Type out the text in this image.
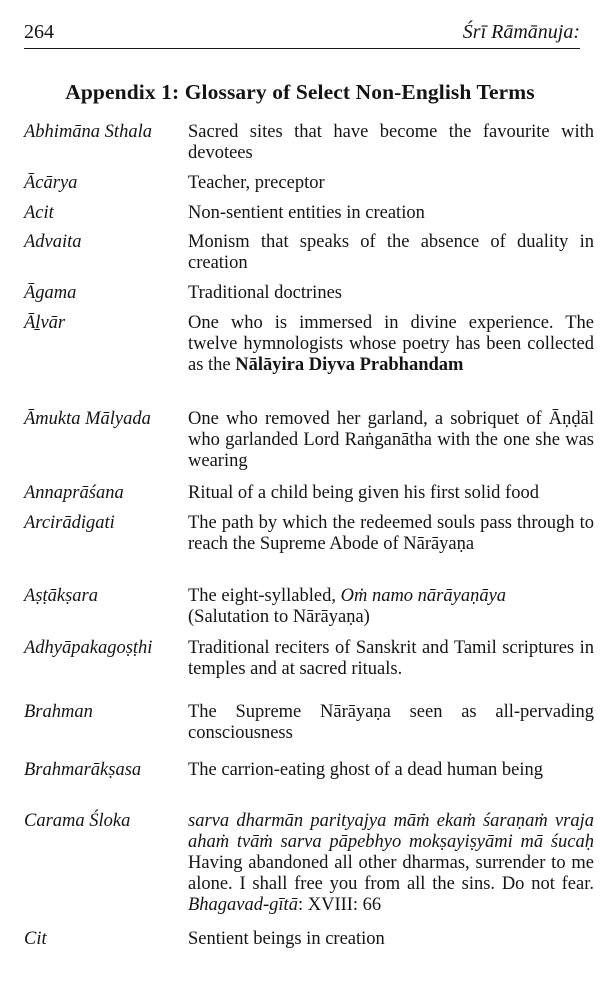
264	Śrī Rāmānuja:
Appendix 1: Glossary of Select Non-English Terms
Abhimāna Sthala	Sacred sites that have become the favourite with devotees
Ācārya	Teacher, preceptor
Acit	Non-sentient entities in creation
Advaita	Monism that speaks of the absence of duality in creation
Āgama	Traditional doctrines
Āḻvār	One who is immersed in divine experience. The twelve hymnologists whose poetry has been collected as the Nālāyira Diyva Prabhandam
Āmukta Mālyada	One who removed her garland, a sobriquet of Āṇḍāl who garlanded Lord Raṅganātha with the one she was wearing
Annaprāśana	Ritual of a child being given his first solid food
Arcirādigati	The path by which the redeemed souls pass through to reach the Supreme Abode of Nārāyaṇa
Aṣṭākṣara	The eight-syllabled, Oṁ namo nārāyaṇāya
(Salutation to Nārāyaṇa)
Adhyāpakagoṣṭhi	Traditional reciters of Sanskrit and Tamil scriptures in temples and at sacred rituals.
Brahman	The Supreme Nārāyaṇa seen as all-pervading consciousness
Brahmarākṣasa	The carrion-eating ghost of a dead human being
Carama Śloka	sarva dharmān parityajya māṁ ekaṁ śaraṇaṁ vraja ahaṁ tvāṁ sarva pāpebhyo mokṣayiṣyāmi mā śucaḥ Having abandoned all other dharmas, surrender to me alone. I shall free you from all the sins. Do not fear. Bhagavad-gītā: XVIII: 66
Cit	Sentient beings in creation
